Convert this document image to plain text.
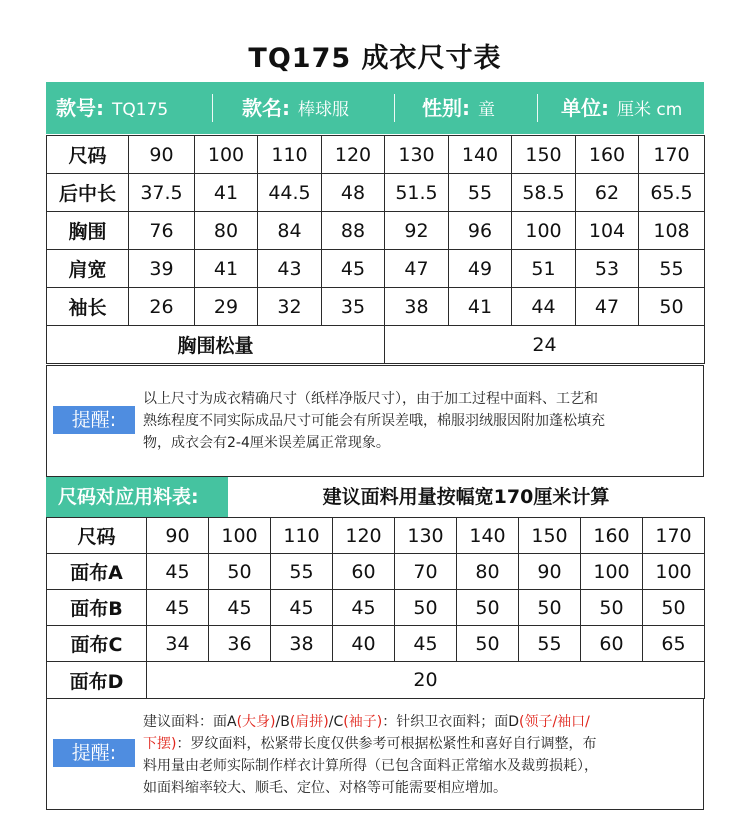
TQ175 成衣尺寸表
款号: TQ175	款名: 棒球服	性别: 童	单位: 厘米 cm
尺码	90	100	110	120	130	140	150	160	170
后中长	37.5	41	44.5	48	51.5	55	58.5	62	65.5
胸围	76	80	84	88	92	96	100	104	108
肩宽	39	41	43	45	47	49	51	53	55
袖长	26	29	32	35	38	41	44	47	50
胸围松量					24				
提醒:
以上尺寸为成衣精确尺寸（纸样净版尺寸），由于加工过程中面料、工艺和
熟练程度不同实际成品尺寸可能会有所误差哦，棉服羽绒服因附加蓬松填充
物，成衣会有2-4厘米误差属正常现象。
尺码对应用料表:	建议面料用量按幅宽170厘米计算
尺码	90	100	110	120	130	140	150	160	170
面布A	45	50	55	60	70	80	90	100	100
面布B	45	45	45	45	50	50	50	50	50
面布C	34	36	38	40	45	50	55	60	65
面布D	20								
提醒:
建议面料：面A(大身)/B(肩拼)/C(袖子)：针织卫衣面料；面D(领子/袖口/
下摆)：罗纹面料，松紧带长度仅供参考可根据松紧性和喜好自行调整，布
料用量由老师实际制作样衣计算所得（已包含面料正常缩水及裁剪损耗），
如面料缩率较大、顺毛、定位、对格等可能需要相应增加。
